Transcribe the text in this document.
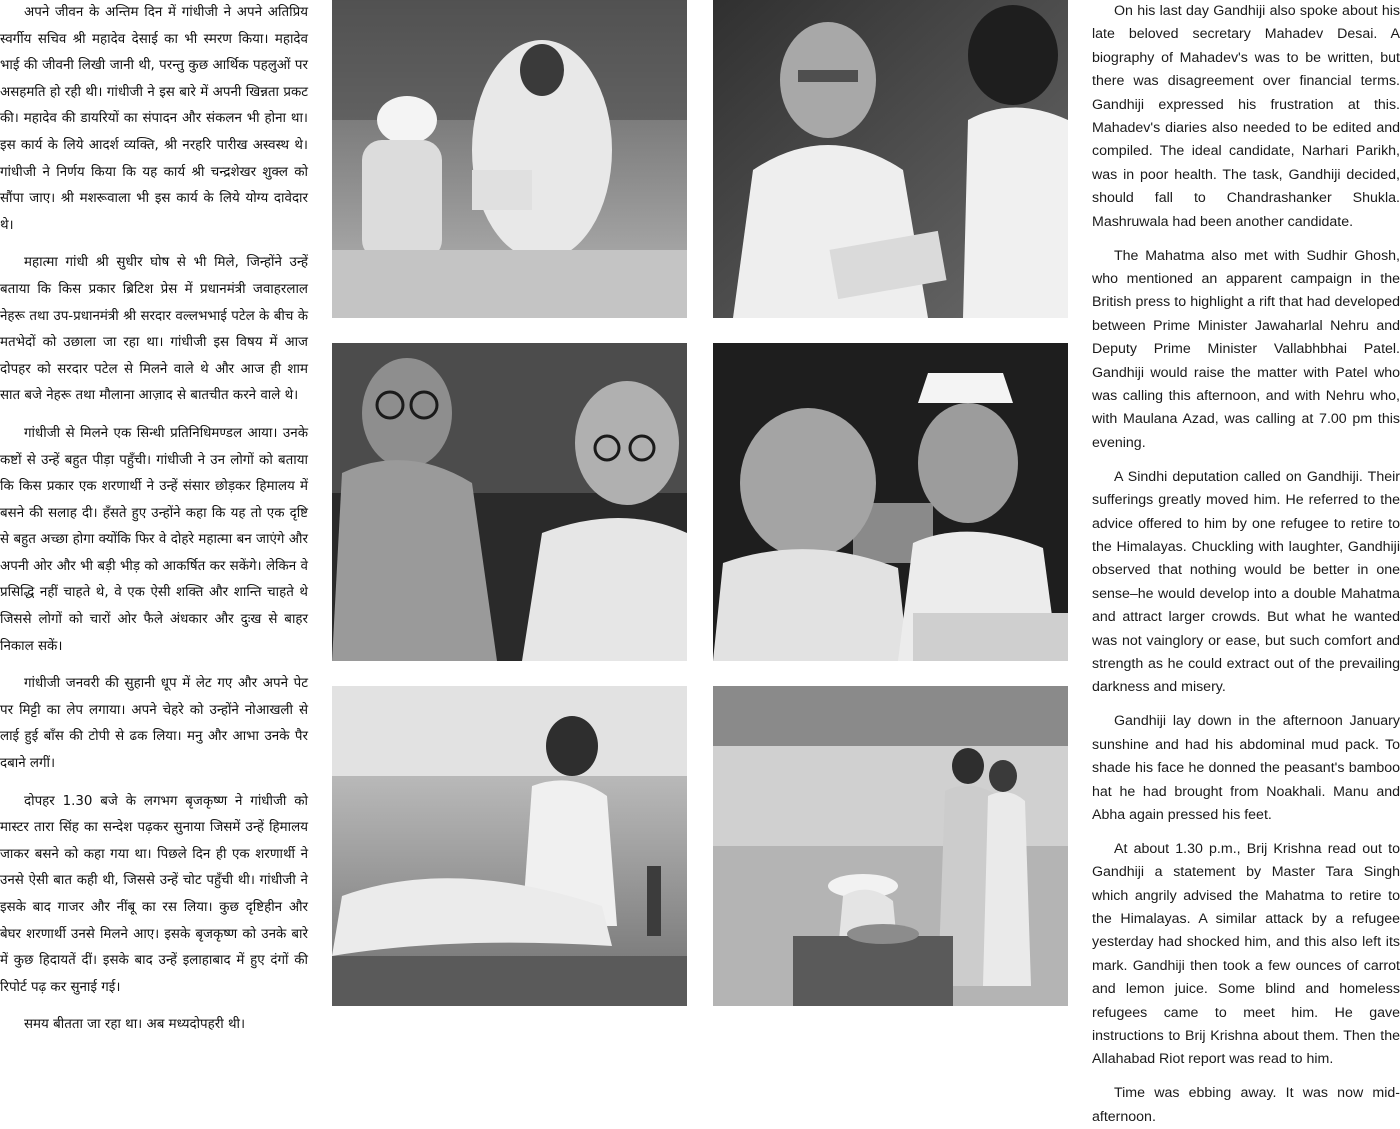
अपने जीवन के अन्तिम दिन में गांधीजी ने अपने अतिप्रिय स्वर्गीय सचिव श्री महादेव देसाई का भी स्मरण किया। महादेव भाई की जीवनी लिखी जानी थी, परन्तु कुछ आर्थिक पहलुओं पर असहमति हो रही थी। गांधीजी ने इस बारे में अपनी खिन्नता प्रकट की। महादेव की डायरियों का संपादन और संकलन भी होना था। इस कार्य के लिये आदर्श व्यक्ति, श्री नरहरि पारीख अस्वस्थ थे। गांधीजी ने निर्णय किया कि यह कार्य श्री चन्द्रशेखर शुक्ल को सौंपा जाए। श्री मशरूवाला भी इस कार्य के लिये योग्य दावेदार थे।

महात्मा गांधी श्री सुधीर घोष से भी मिले, जिन्होंने उन्हें बताया कि किस प्रकार ब्रिटिश प्रेस में प्रधानमंत्री जवाहरलाल नेहरू तथा उप-प्रधानमंत्री श्री सरदार वल्लभभाई पटेल के बीच के मतभेदों को उछाला जा रहा था। गांधीजी इस विषय में आज दोपहर को सरदार पटेल से मिलने वाले थे और आज ही शाम सात बजे नेहरू तथा मौलाना आज़ाद से बातचीत करने वाले थे।

गांधीजी से मिलने एक सिन्धी प्रतिनिधिमण्डल आया। उनके कष्टों से उन्हें बहुत पीड़ा पहुँची। गांधीजी ने उन लोगों को बताया कि किस प्रकार एक शरणार्थी ने उन्हें संसार छोड़कर हिमालय में बसने की सलाह दी। हँसते हुए उन्होंने कहा कि यह तो एक दृष्टि से बहुत अच्छा होगा क्योंकि फिर वे दोहरे महात्मा बन जाएंगे और अपनी ओर और भी बड़ी भीड़ को आकर्षित कर सकेंगे। लेकिन वे प्रसिद्धि नहीं चाहते थे, वे एक ऐसी शक्ति और शान्ति चाहते थे जिससे लोगों को चारों ओर फैले अंधकार और दुःख से बाहर निकाल सकें।

गांधीजी जनवरी की सुहानी धूप में लेट गए और अपने पेट पर मिट्टी का लेप लगाया। अपने चेहरे को उन्होंने नोआखली से लाई हुई बाँस की टोपी से ढक लिया। मनु और आभा उनके पैर दबाने लगीं।

दोपहर 1.30 बजे के लगभग बृजकृष्ण ने गांधीजी को मास्टर तारा सिंह का सन्देश पढ़कर सुनाया जिसमें उन्हें हिमालय जाकर बसने को कहा गया था। पिछले दिन ही एक शरणार्थी ने उनसे ऐसी बात कही थी, जिससे उन्हें चोट पहुँची थी। गांधीजी ने इसके बाद गाजर और नींबू का रस लिया। कुछ दृष्टिहीन और बेघर शरणार्थी उनसे मिलने आए। इसके बृजकृष्ण को उनके बारे में कुछ हिदायतें दीं। इसके बाद उन्हें इलाहाबाद में हुए दंगों की रिपोर्ट पढ़ कर सुनाई गई।

समय बीतता जा रहा था। अब मध्यदोपहरी थी।

On his last day Gandhiji also spoke about his late beloved secretary Mahadev Desai. A biography of Mahadev's was to be written, but there was disagreement over financial terms. Gandhiji expressed his frustration at this. Mahadev's diaries also needed to be edited and compiled. The ideal candidate, Narhari Parikh, was in poor health. The task, Gandhiji decided, should fall to Chandrashanker Shukla. Mashruwala had been another candidate.

The Mahatma also met with Sudhir Ghosh, who mentioned an apparent campaign in the British press to highlight a rift that had developed between Prime Minister Jawaharlal Nehru and Deputy Prime Minister Vallabhbhai Patel. Gandhiji would raise the matter with Patel who was calling this afternoon, and with Nehru who, with Maulana Azad, was calling at 7.00 pm this evening.

A Sindhi deputation called on Gandhiji. Their sufferings greatly moved him. He referred to the advice offered to him by one refugee to retire to the Himalayas. Chuckling with laughter, Gandhiji observed that nothing would be better in one sense–he would develop into a double Mahatma and attract larger crowds. But what he wanted was not vainglory or ease, but such comfort and strength as he could extract out of the prevailing darkness and misery.

Gandhiji lay down in the afternoon January sunshine and had his abdominal mud pack. To shade his face he donned the peasant's bamboo hat he had brought from Noakhali. Manu and Abha again pressed his feet.

At about 1.30 p.m., Brij Krishna read out to Gandhiji a statement by Master Tara Singh which angrily advised the Mahatma to retire to the Himalayas. A similar attack by a refugee yesterday had shocked him, and this also left its mark. Gandhiji then took a few ounces of carrot and lemon juice. Some blind and homeless refugees came to meet him. He gave instructions to Brij Krishna about them. Then the Allahabad Riot report was read to him.

Time was ebbing away. It was now mid-afternoon.
